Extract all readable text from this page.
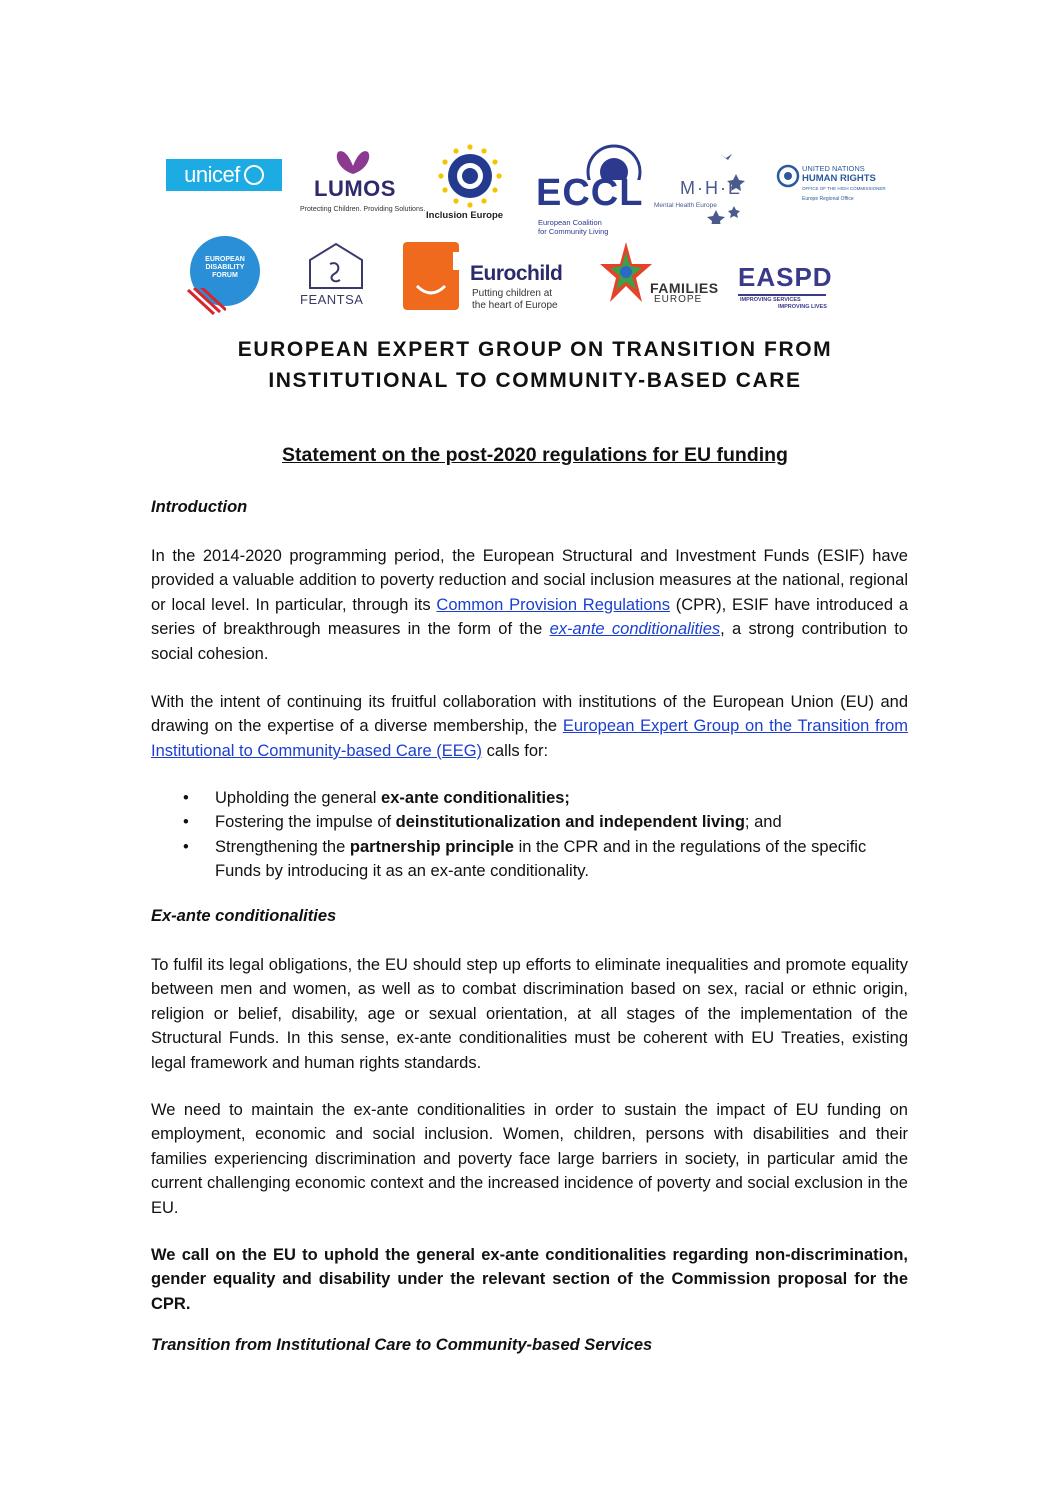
unicef
LUMOS
Protecting Children. Providing Solutions.
Inclusion Europe
ECCL
European Coalition
for Community Living
M·H·E
Mental Health Europe
UNITED NATIONS
HUMAN RIGHTS
OFFICE OF THE HIGH COMMISSIONER
Europe Regional Office
EUROPEAN DISABILITY FORUM
FEANTSA
Eurochild
Putting children at
the heart of Europe
FAMILIES
EUROPE
EASPD
IMPROVING SERVICES
IMPROVING LIVES
EUROPEAN EXPERT GROUP ON TRANSITION FROM
INSTITUTIONAL TO COMMUNITY-BASED CARE
Statement on the post-2020 regulations for EU funding
Introduction
In the 2014-2020 programming period, the European Structural and Investment Funds (ESIF) have provided a valuable addition to poverty reduction and social inclusion measures at the national, regional or local level. In particular, through its Common Provision Regulations (CPR), ESIF have introduced a series of breakthrough measures in the form of the ex-ante conditionalities, a strong contribution to social cohesion.
With the intent of continuing its fruitful collaboration with institutions of the European Union (EU) and drawing on the expertise of a diverse membership, the European Expert Group on the Transition from Institutional to Community-based Care (EEG) calls for:
• Upholding the general ex-ante conditionalities;
• Fostering the impulse of deinstitutionalization and independent living; and
• Strengthening the partnership principle in the CPR and in the regulations of the specific Funds by introducing it as an ex-ante conditionality.
Ex-ante conditionalities
To fulfil its legal obligations, the EU should step up efforts to eliminate inequalities and promote equality between men and women, as well as to combat discrimination based on sex, racial or ethnic origin, religion or belief, disability, age or sexual orientation, at all stages of the implementation of the Structural Funds. In this sense, ex-ante conditionalities must be coherent with EU Treaties, existing legal framework and human rights standards.
We need to maintain the ex-ante conditionalities in order to sustain the impact of EU funding on employment, economic and social inclusion. Women, children, persons with disabilities and their families experiencing discrimination and poverty face large barriers in society, in particular amid the current challenging economic context and the increased incidence of poverty and social exclusion in the EU.
We call on the EU to uphold the general ex-ante conditionalities regarding non-discrimination, gender equality and disability under the relevant section of the Commission proposal for the CPR.
Transition from Institutional Care to Community-based Services
